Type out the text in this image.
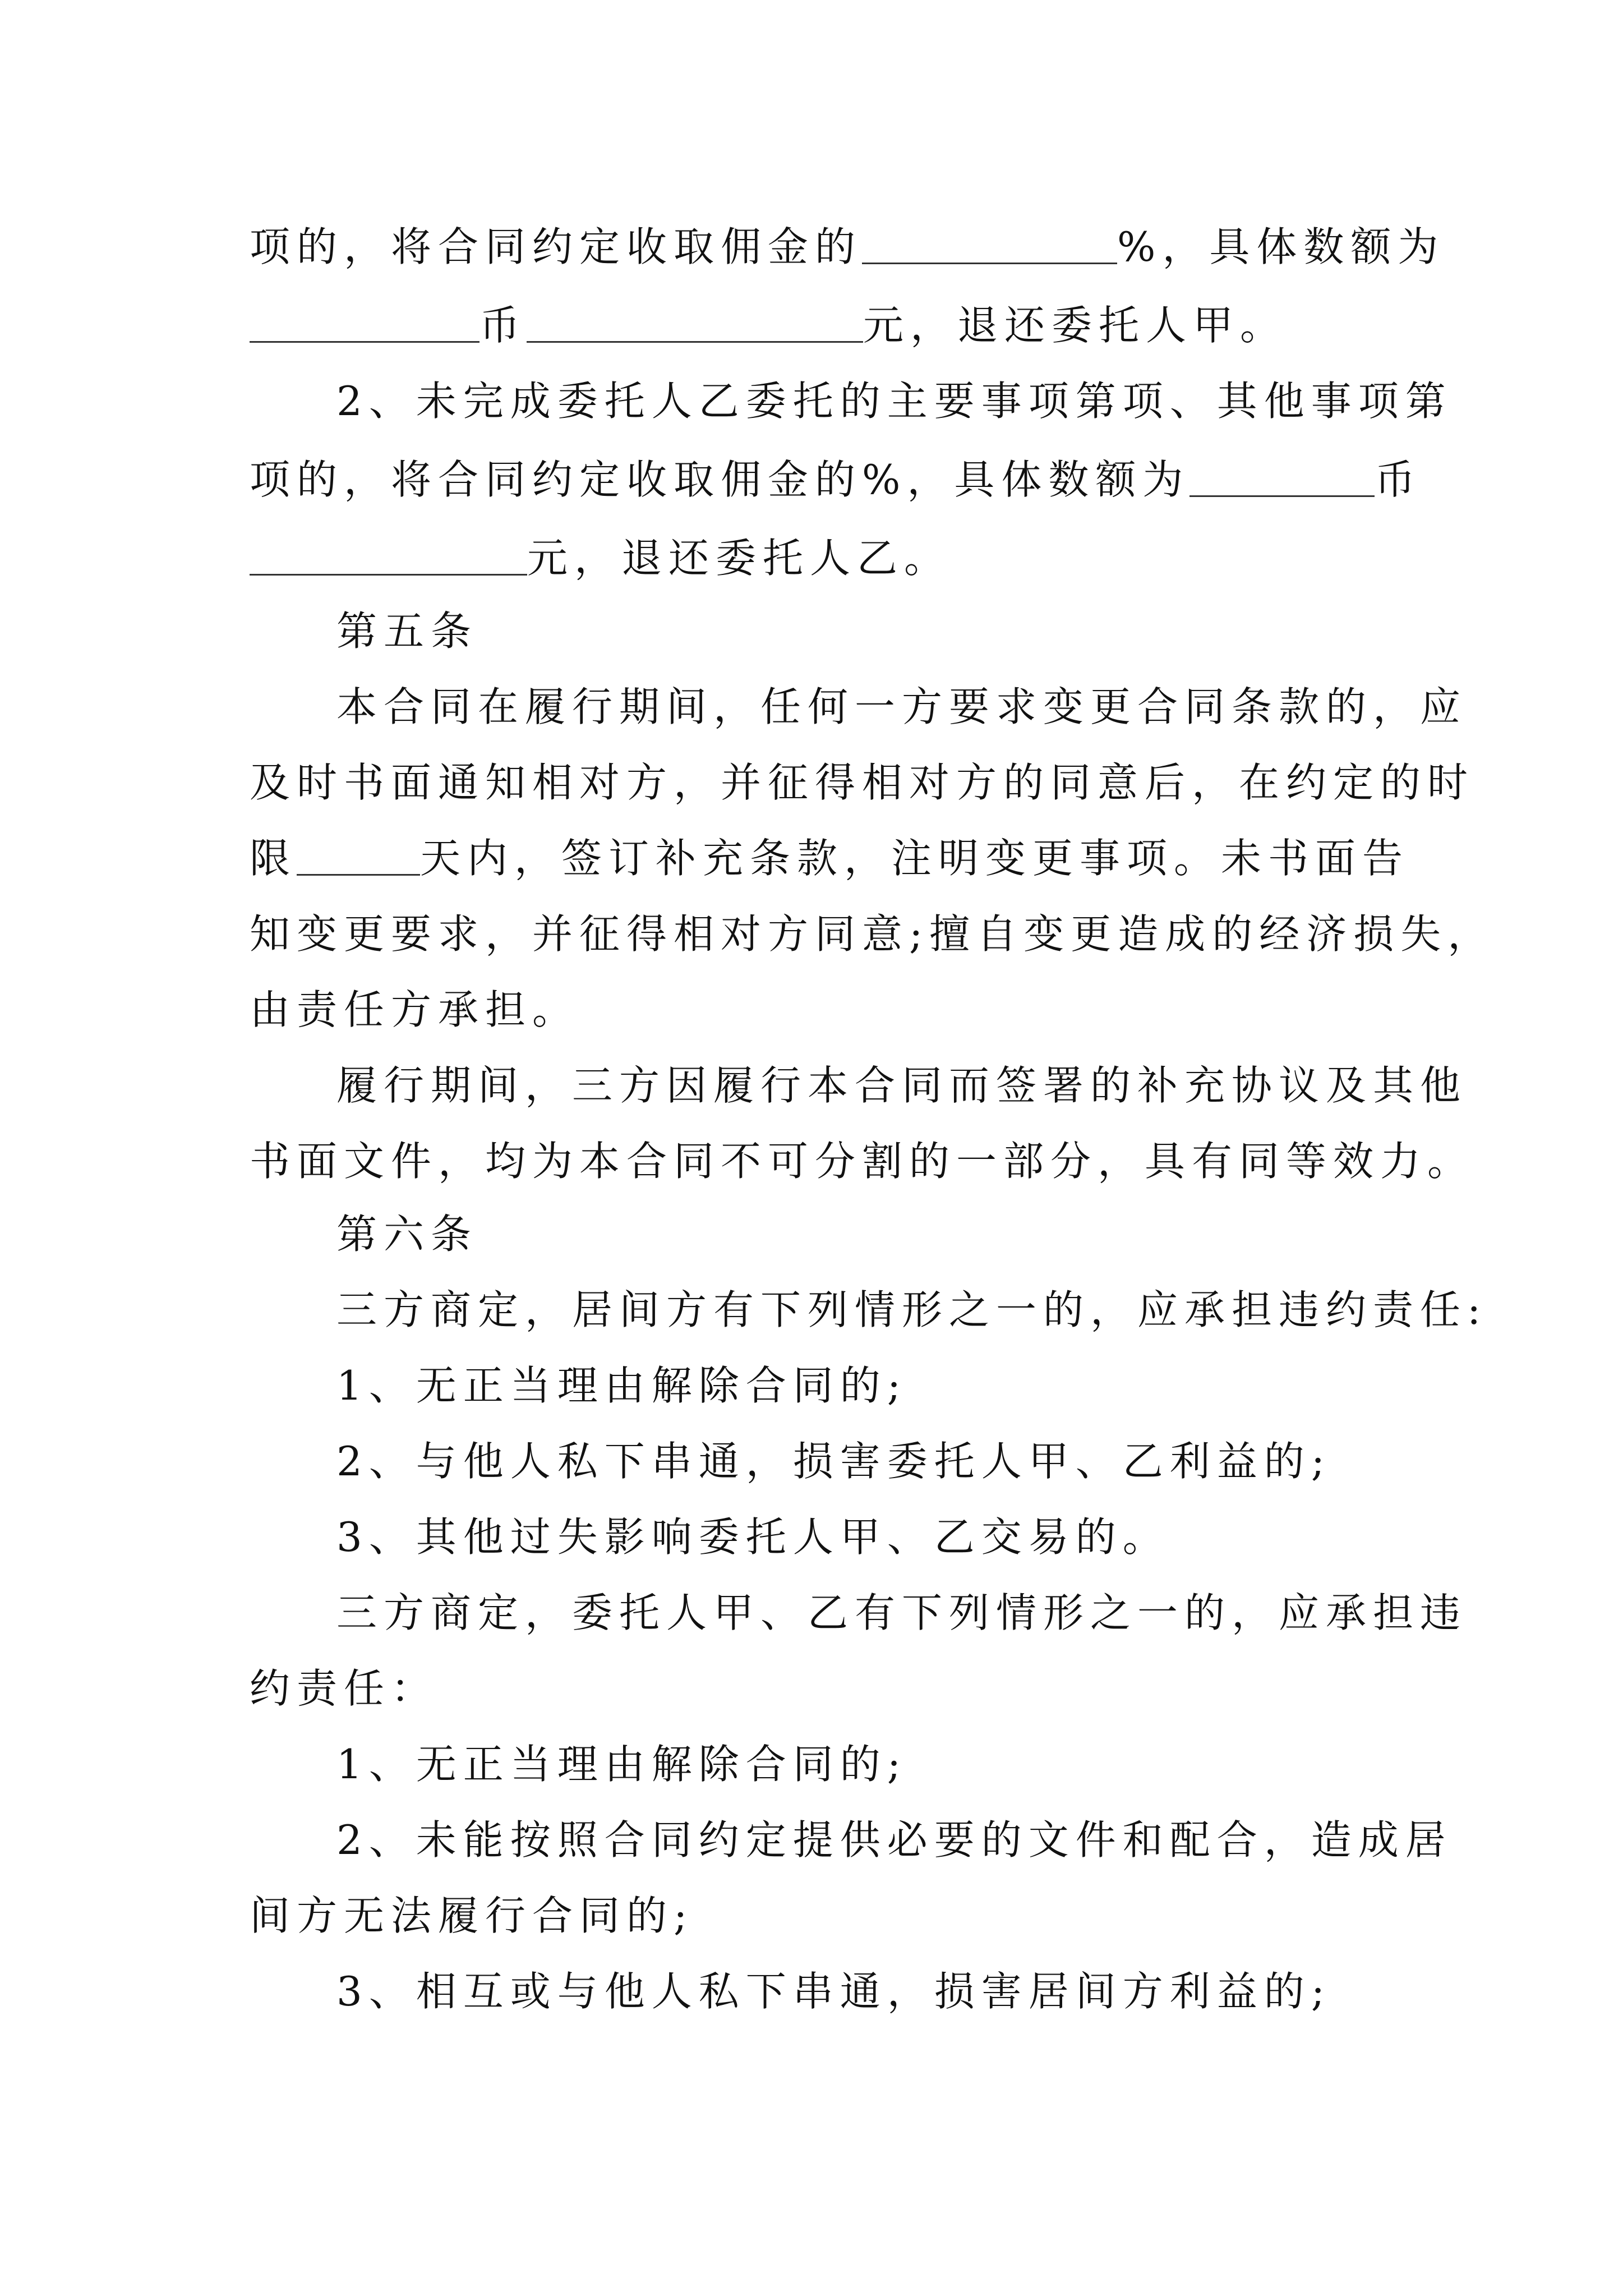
项的，将合同约定收取佣金的	%，具体数额为
币	元，退还委托人甲。
2、未完成委托人乙委托的主要事项第项、其他事项第
项的，将合同约定收取佣金的%，具体数额为	币
元，退还委托人乙。
第五条
本合同在履行期间，任何一方要求变更合同条款的，应
及时书面通知相对方，并征得相对方的同意后，在约定的时
限	天内，签订补充条款，注明变更事项。未书面告
知变更要求，并征得相对方同意;擅自变更造成的经济损失，
由责任方承担。
履行期间，三方因履行本合同而签署的补充协议及其他
书面文件，均为本合同不可分割的一部分，具有同等效力。
第六条
三方商定，居间方有下列情形之一的，应承担违约责任:
1、无正当理由解除合同的;
2、与他人私下串通，损害委托人甲、乙利益的;
3、其他过失影响委托人甲、乙交易的。
三方商定，委托人甲、乙有下列情形之一的，应承担违
约责任：
1、无正当理由解除合同的;
2、未能按照合同约定提供必要的文件和配合，造成居
间方无法履行合同的;
3、相互或与他人私下串通，损害居间方利益的;
